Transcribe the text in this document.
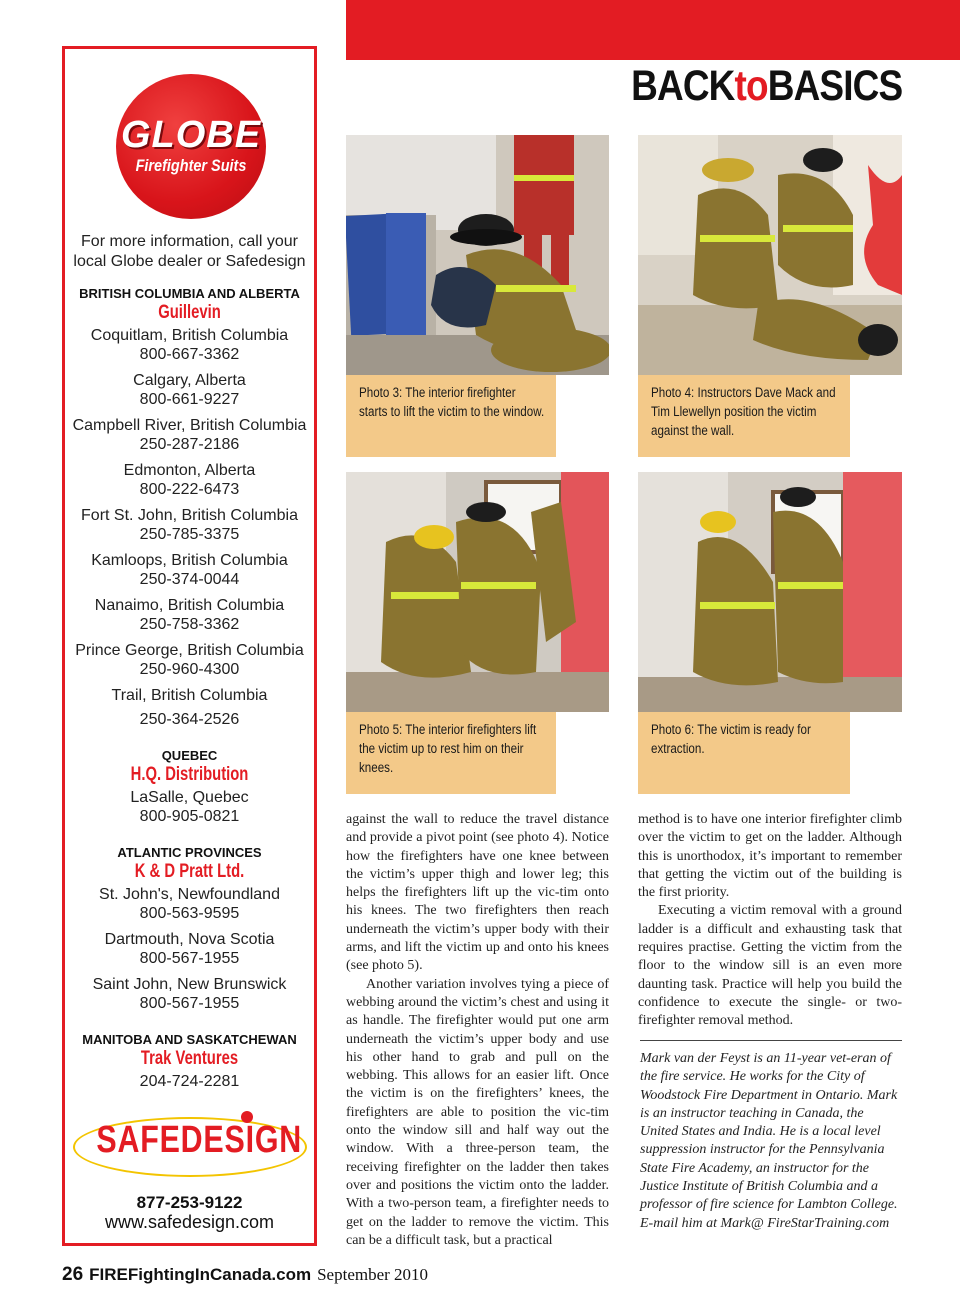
BACKtoBASICS
GLOBE
Firefighter Suits
For more information, call your local Globe dealer or Safedesign
BRITISH COLUMBIA AND ALBERTA
Guillevin
Coquitlam, British Columbia
800-667-3362
Calgary, Alberta
800-661-9227
Campbell River, British Columbia
250-287-2186
Edmonton, Alberta
800-222-6473
Fort St. John, British Columbia
250-785-3375
Kamloops, British Columbia
250-374-0044
Nanaimo, British Columbia
250-758-3362
Prince George, British Columbia
250-960-4300
Trail, British Columbia
250-364-2526
QUEBEC
H.Q. Distribution
LaSalle, Quebec
800-905-0821
ATLANTIC PROVINCES
K & D Pratt Ltd.
St. John's, Newfoundland
800-563-9595
Dartmouth, Nova Scotia
800-567-1955
Saint John, New Brunswick
800-567-1955
MANITOBA AND SASKATCHEWAN
Trak Ventures
204-724-2281
SAFEDESIGN
877-253-9122
www.safedesign.com
Photo 3: The interior firefighter starts to lift the victim to the window.
Photo 4: Instructors Dave Mack and Tim Llewellyn position the victim against the wall.
Photo 5: The interior firefighters lift the victim up to rest him on their knees.
Photo 6: The victim is ready for extraction.

against the wall to reduce the travel distance and provide a pivot point (see photo 4). Notice how the firefighters have one knee between the victim’s upper thigh and lower leg; this helps the firefighters lift up the vic-tim onto his knees. The two firefighters then reach underneath the victim’s upper body with their arms, and lift the victim up and onto his knees (see photo 5).

Another variation involves tying a piece of webbing around the victim’s chest and using it as handle. The firefighter would put one arm underneath the victim’s upper body and use his other hand to grab and pull on the webbing. This allows for an easier lift. Once the victim is on the firefighters’ knees, the firefighters are able to position the vic-tim onto the window sill and half way out the window. With a three-person team, the receiving firefighter on the ladder then takes over and positions the victim onto the ladder. With a two-person team, a firefighter needs to get on the ladder to remove the victim. This can be a difficult task, but a practical

method is to have one interior firefighter climb over the victim to get on the ladder. Although this is unorthodox, it’s important to remember that getting the victim out of the building is the first priority.

Executing a victim removal with a ground ladder is a difficult and exhausting task that requires practise. Getting the victim from the floor to the window sill is an even more daunting task. Practice will help you build the confidence to execute the single- or two-firefighter removal method.

Mark van der Feyst is an 11-year vet-eran of the fire service. He works for the City of Woodstock Fire Department in Ontario. Mark is an instructor teaching in Canada, the United States and India. He is a local level suppression instructor for the Pennsylvania State Fire Academy, an instructor for the Justice Institute of British Columbia and a professor of fire science for Lambton College. E-mail him at Mark@ FireStarTraining.com
26 FIREFightingInCanada.com September 2010
